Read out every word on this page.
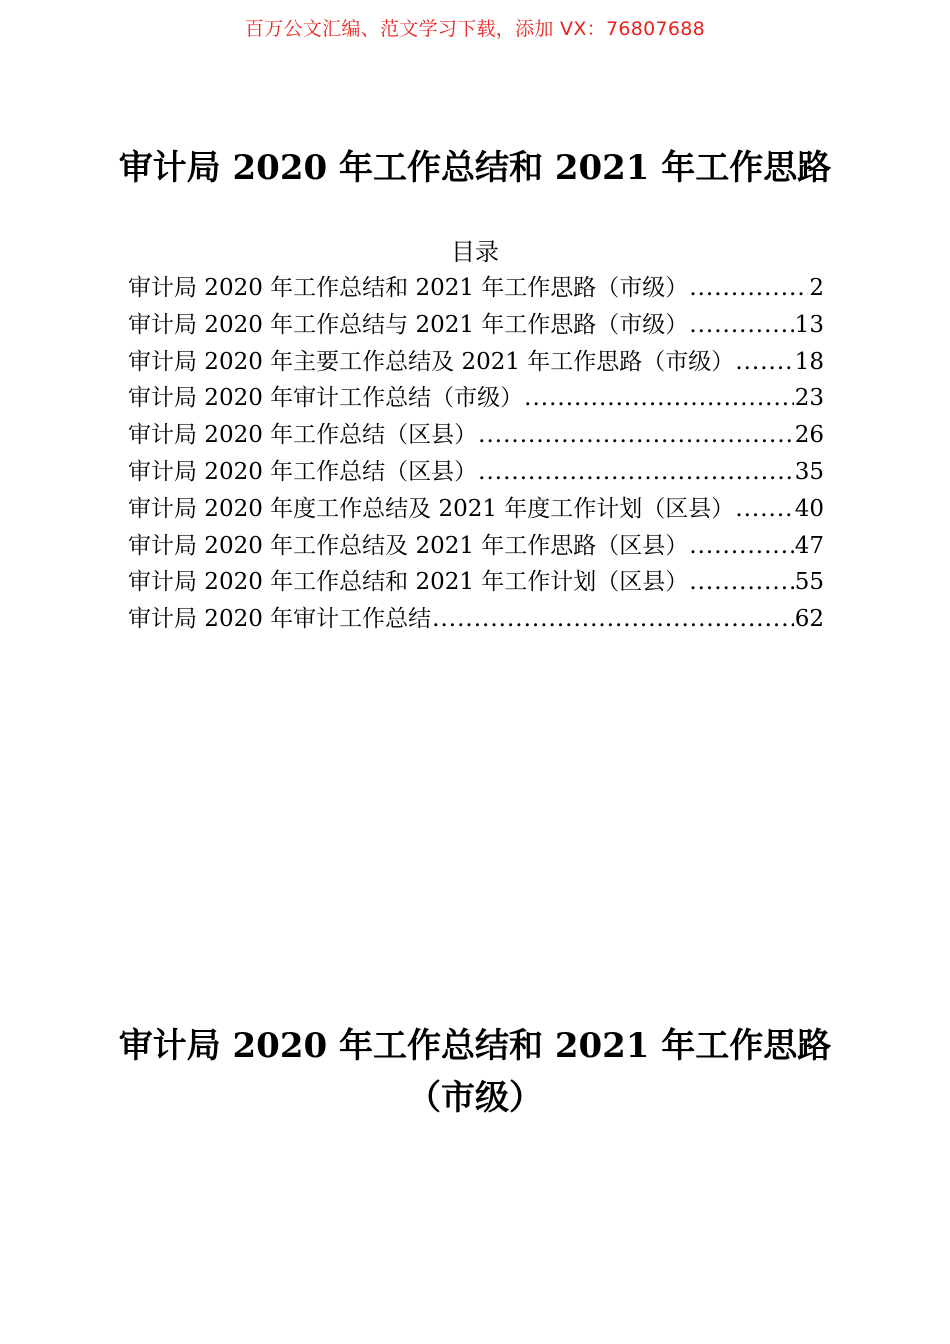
百万公文汇编、范文学习下载，添加 VX：76807688
审计局 2020 年工作总结和 2021 年工作思路
目录
审计局 2020 年工作总结和 2021 年工作思路（市级） .....	2
审计局 2020 年工作总结与 2021 年工作思路（市级） .....	13
审计局 2020 年主要工作总结及 2021 年工作思路（市级） .....	18
审计局 2020 年审计工作总结（市级） .....	23
审计局 2020 年工作总结（区县） .....	26
审计局 2020 年工作总结（区县） .....	35
审计局 2020 年度工作总结及 2021 年度工作计划（区县） .....	40
审计局 2020 年工作总结及 2021 年工作思路（区县） .....	47
审计局 2020 年工作总结和 2021 年工作计划（区县） .....	55
审计局 2020 年审计工作总结 .....	62
审计局 2020 年工作总结和 2021 年工作思路
（市级）
